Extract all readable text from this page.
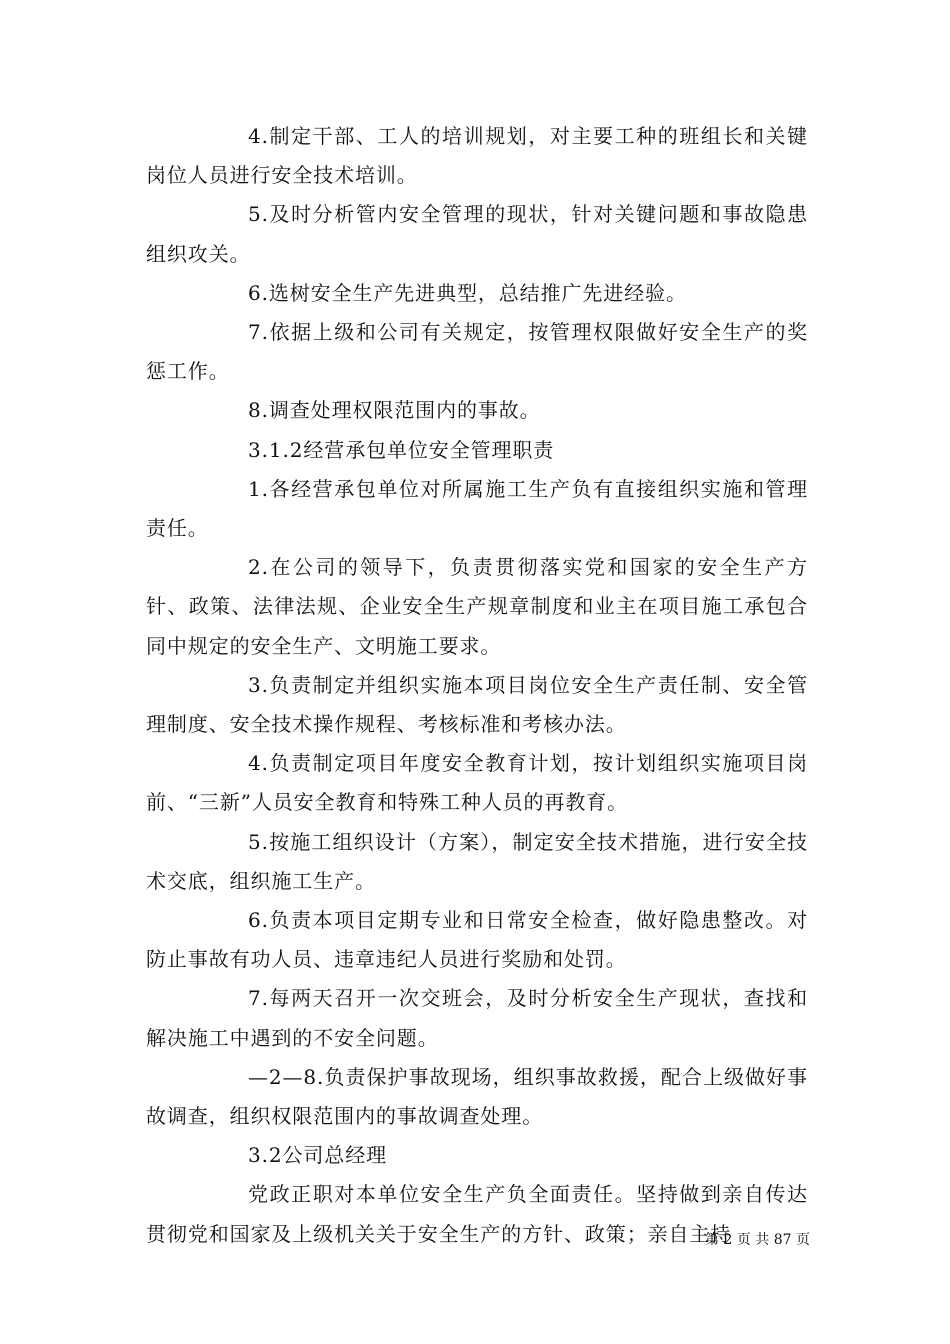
4.制定干部、工人的培训规划，对主要工种的班组长和关键岗位人员进行安全技术培训。

5.及时分析管内安全管理的现状，针对关键问题和事故隐患组织攻关。

6.选树安全生产先进典型，总结推广先进经验。

7.依据上级和公司有关规定，按管理权限做好安全生产的奖惩工作。

8.调查处理权限范围内的事故。

3.1.2经营承包单位安全管理职责

1.各经营承包单位对所属施工生产负有直接组织实施和管理责任。

2.在公司的领导下，负责贯彻落实党和国家的安全生产方针、政策、法律法规、企业安全生产规章制度和业主在项目施工承包合同中规定的安全生产、文明施工要求。

3.负责制定并组织实施本项目岗位安全生产责任制、安全管理制度、安全技术操作规程、考核标准和考核办法。

4.负责制定项目年度安全教育计划，按计划组织实施项目岗前、“三新”人员安全教育和特殊工种人员的再教育。

5.按施工组织设计（方案），制定安全技术措施，进行安全技术交底，组织施工生产。

6.负责本项目定期专业和日常安全检查，做好隐患整改。对防止事故有功人员、违章违纪人员进行奖励和处罚。

7.每两天召开一次交班会，及时分析安全生产现状，查找和解决施工中遇到的不安全问题。

—2—8.负责保护事故现场，组织事故救援，配合上级做好事故调查，组织权限范围内的事故调查处理。

3.2公司总经理

党政正职对本单位安全生产负全面责任。坚持做到亲自传达贯彻党和国家及上级机关关于安全生产的方针、政策；亲自主持

第 2 页 共 87 页
